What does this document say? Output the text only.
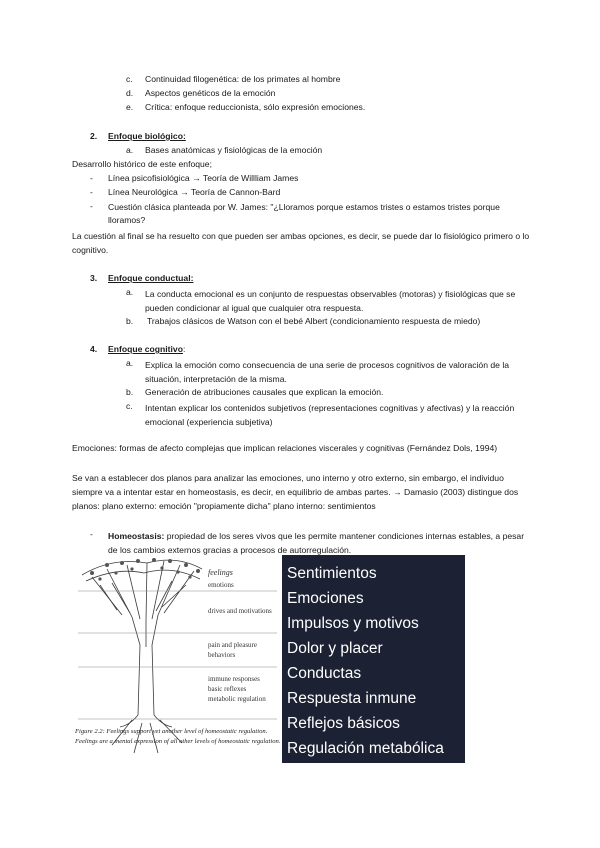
c. Continuidad filogenética: de los primates al hombre
d. Aspectos genéticos de la emoción
e. Crítica: enfoque reduccionista, sólo expresión emociones.
2. Enfoque biológico:
a. Bases anatómicas y fisiológicas de la emoción
Desarrollo histórico de este enfoque;
- Línea psicofisiológica → Teoría de Willliam James
- Línea Neurológica → Teoría de Cannon-Bard
- Cuestión clásica planteada por W. James: "¿Lloramos porque estamos tristes o estamos tristes porque lloramos?
La cuestión al final se ha resuelto con que pueden ser ambas opciones, es decir, se puede dar lo fisiológico primero o lo cognitivo.
3. Enfoque conductual:
a. La conducta emocional es un conjunto de respuestas observables (motoras) y fisiológicas que se pueden condicionar al igual que cualquier otra respuesta.
b. Trabajos clásicos de Watson con el bebé Albert (condicionamiento respuesta de miedo)
4. Enfoque cognitivo:
a. Explica la emoción como consecuencia de una serie de procesos cognitivos de valoración de la situación, interpretación de la misma.
b. Generación de atribuciones causales que explican la emoción.
c. Intentan explicar los contenidos subjetivos (representaciones cognitivas y afectivas) y la reacción emocional (experiencia subjetiva)
Emociones: formas de afecto complejas que implican relaciones viscerales y cognitivas (Fernández Dols, 1994)
Se van a establecer dos planos para analizar las emociones, uno interno y otro externo, sin embargo, el individuo siempre va a intentar estar en homeostasis, es decir, en equilibrio de ambas partes. → Damasio (2003) distingue dos planos: plano externo: emoción "propiamente dicha" plano interno: sentimientos
- Homeostasis: propiedad de los seres vivos que les permite mantener condiciones internas estables, a pesar de los cambios externos gracias a procesos de autorregulación.
feelings
emotions
drives and motivations
pain and pleasure
behaviors
immune responses
basic reflexes
metabolic regulation
Figure 2.2: Feelings support yet another level of homeostatic regulation.
Feelings are a mental expression of all other levels of homeostatic regulation.
Sentimientos
Emociones
Impulsos y motivos
Dolor y placer
Conductas
Respuesta inmune
Reflejos básicos
Regulación metabólica
